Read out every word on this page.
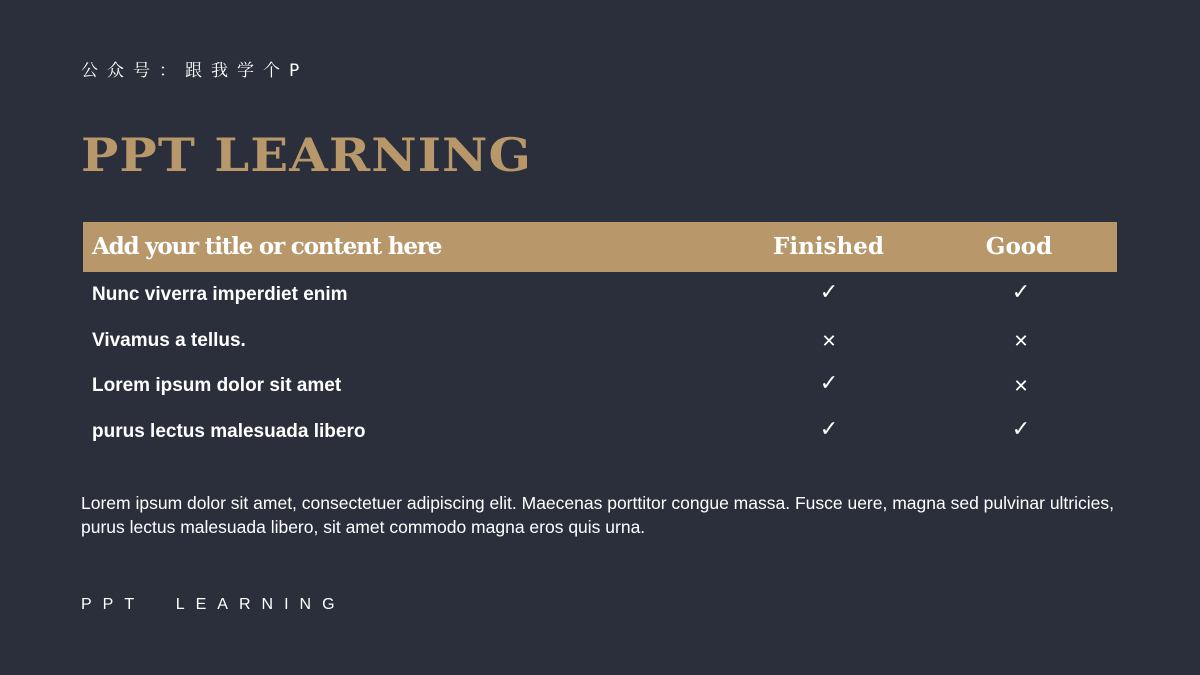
公众号：跟我学个P
PPT LEARNING
Add your title or content here	Finished	Good
Nunc viverra imperdiet enim	✓	✓
Vivamus a tellus.	✕	✕
Lorem ipsum dolor sit amet	✓	✕
purus lectus malesuada libero	✓	✓
Lorem ipsum dolor sit amet, consectetuer adipiscing elit. Maecenas porttitor congue massa. Fusce uere, magna sed pulvinar ultricies, purus lectus malesuada libero, sit amet commodo magna eros quis urna.
PPT  LEARNING
